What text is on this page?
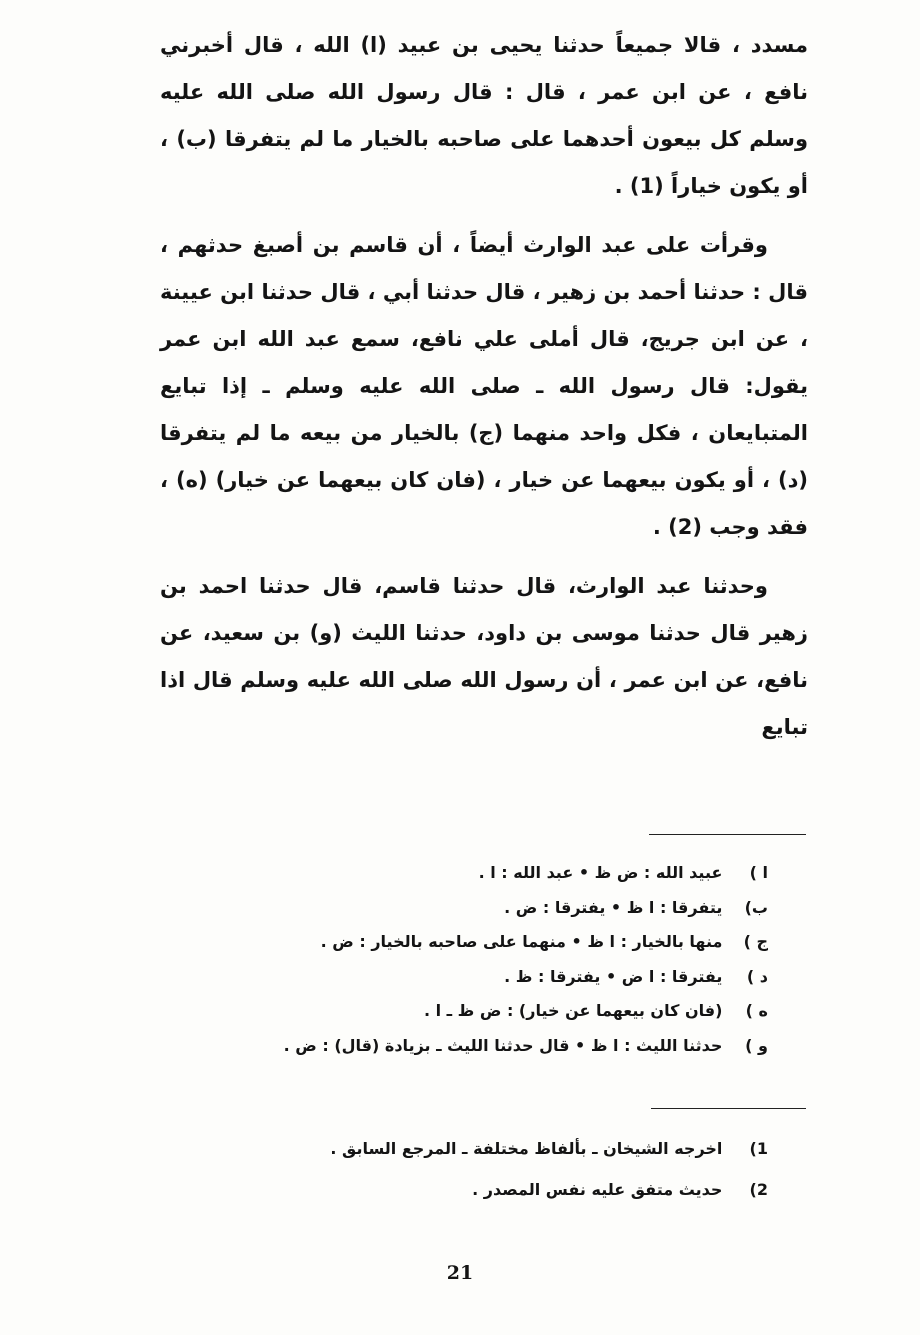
مسدد ، قالا جميعاً حدثنا يحيى بن عبيد (ا) الله ، قال أخبرني نافع ، عن ابن عمر ، قال : قال رسول الله صلى الله عليه وسلم كل بيعون أحدهما على صاحبه بالخيار ما لم يتفرقا (ب) ، أو يكون خياراً (1) .

وقرأت على عبد الوارث أيضاً ، أن قاسم بن أصبغ حدثهم ، قال : حدثنا أحمد بن زهير ، قال حدثنا أبي ، قال حدثنا ابن عيينة ، عن ابن جريج، قال أملى علي نافع، سمع عبد الله ابن عمر يقول: قال رسول الله ـ صلى الله عليه وسلم ـ إذا تبايع المتبايعان ، فكل واحد منهما (ج) بالخيار من بيعه ما لم يتفرقا (د) ، أو يكون بيعهما عن خيار ، (فان كان بيعهما عن خيار) (ه) ، فقد وجب (2) .

وحدثنا عبد الوارث، قال حدثنا قاسم، قال حدثنا احمد بن زهير قال حدثنا موسى بن داود، حدثنا الليث (و) بن سعيد، عن نافع، عن ابن عمر ، أن رسول الله صلى الله عليه وسلم قال اذا تبايع

ا ) عبيد الله : ض ظ • عبد الله : ا .
ب) يتفرقا : ا ظ • يفترقا : ض .
ج ) منها بالخيار : ا ظ • منهما على صاحبه بالخيار : ض .
د ) يفترقا : ا ض • يفترقا : ظ .
ه ) (فان كان بيعهما عن خيار) : ض ظ ـ ا .
و ) حدثنا الليث : ا ظ • قال حدثنا الليث ـ بزيادة (قال) : ض .
1) اخرجه الشيخان ـ بألفاظ مختلفة ـ المرجع السابق .
2) حديث متفق عليه نفس المصدر .
21
